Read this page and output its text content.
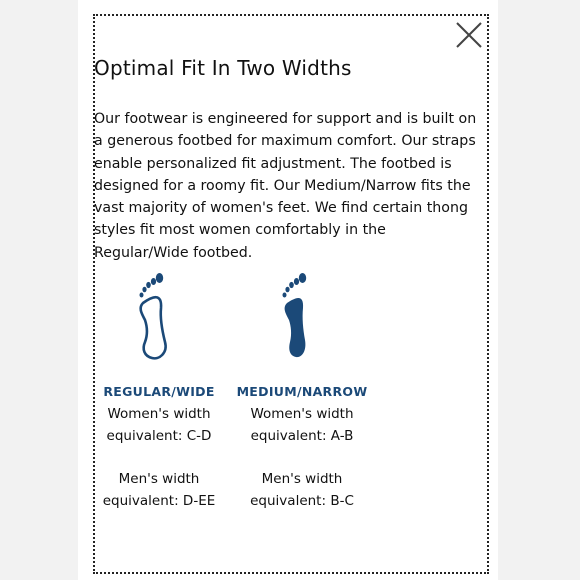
Optimal Fit In Two Widths

Our footwear is engineered for support and is built on a generous footbed for maximum comfort. Our straps enable personalized fit adjustment. The footbed is designed for a roomy fit. Our Medium/Narrow fits the vast majority of women's feet. We find certain thong styles fit most women comfortably in the Regular/Wide footbed.

REGULAR/WIDE
Women's width
equivalent: C-D
Men's width
equivalent: D-EE
MEDIUM/NARROW
Women's width
equivalent: A-B
Men's width
equivalent: B-C
